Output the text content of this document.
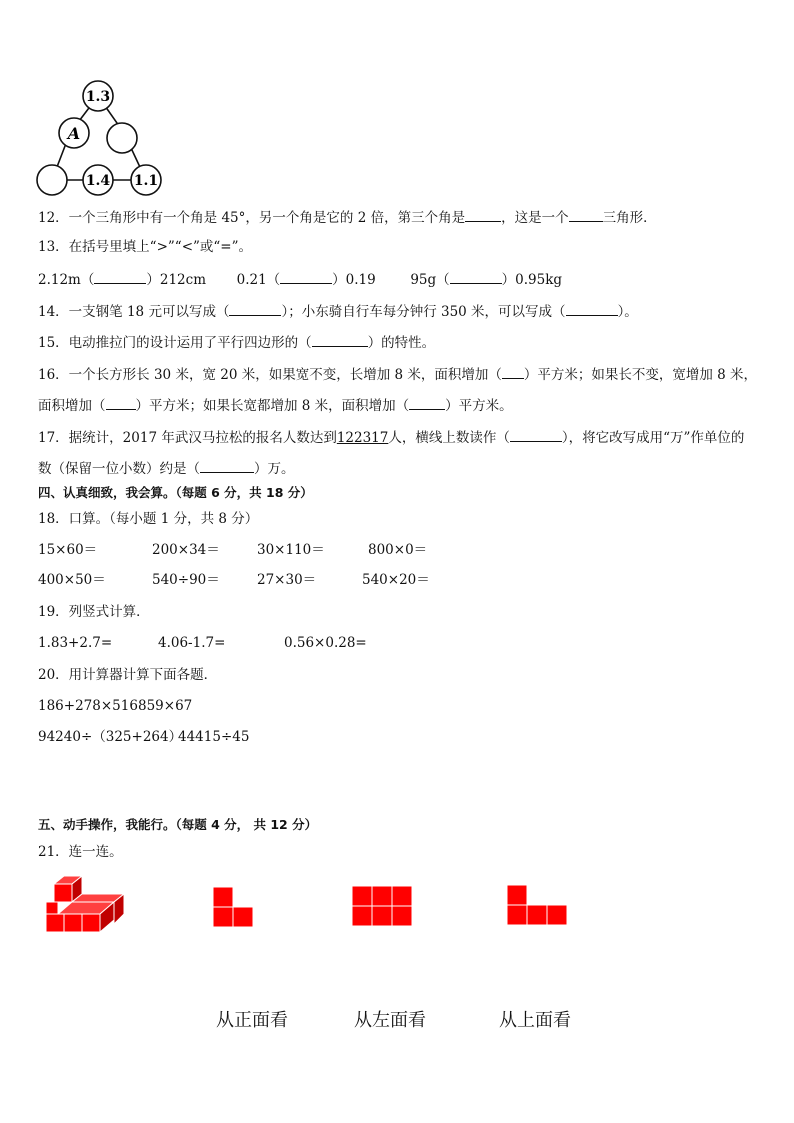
1.3
A
1.4 1.1
12．一个三角形中有一个角是 45°，另一个角是它的 2 倍，第三个角是	，这是一个	三角形．
13．在括号里填上“>”“<”或“=”。
2.12m（	）212cm 0.21（	）0.19	95g（	）0.95kg
14．一支钢笔 18 元可以写成（	）；小东骑自行车每分钟行 350 米，可以写成（	）。
15．电动推拉门的设计运用了平行四边形的（	）的特性。
16．一个长方形长 30 米，宽 20 米，如果宽不变，长增加 8 米，面积增加（ ）平方米；如果长不变，宽增加 8 米，
面积增加（ ）平方米；如果长宽都增加 8 米，面积增加（	）平方米。
17．据统计，2017 年武汉马拉松的报名人数达到122317人，横线上数读作（	），将它改写成用“万”作单位的
数（保留一位小数）约是（	）万。
四、认真细致，我会算。（每题 6 分，共 18 分）
18．口算。（每小题 1 分，共 8 分）
15×60＝	200×34＝	30×110＝	800×0＝
400×50＝	540÷90＝	27×30＝	540×20＝
19．列竖式计算．
1.83+2.7=	4.06-1.7=	0.56×0.28=
20．用计算器计算下面各题．
186+278×516 859×67
94240÷（325+264）
44415÷45
五、动手操作，我能行。（每题 4 分， 共 12 分）
21．连一连。
从正面看	从左面看	从上面看
